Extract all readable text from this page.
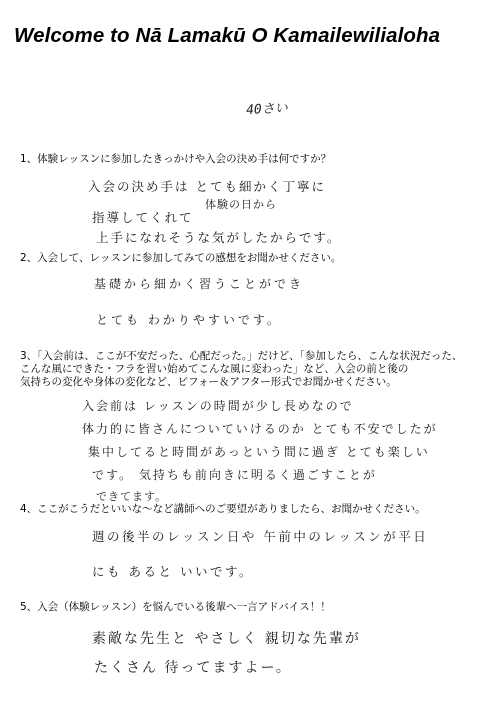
Welcome to Nā Lamakū O Kamailewilialoha
40さい
1、体験レッスンに参加したきっかけや入会の決め手は何ですか？
入会の決め手は とても細かく丁寧に
体験の日から
指導してくれて
上手になれそうな気がしたからです。
2、入会して、レッスンに参加してみての感想をお聞かせください。
基礎から細かく習うことができ
とても わかりやすいです。
3、「入会前は、ここが不安だった、心配だった。」だけど、「参加したら、こんな状況だった、
こんな風にできた・フラを習い始めてこんな風に変わった」など、入会の前と後の
気持ちの変化や身体の変化など、ビフォー＆アフター形式でお聞かせください。
入会前は レッスンの時間が少し長めなので
体力的に皆さんについていけるのか とても不安でしたが
集中してると時間があっという間に過ぎ とても楽しい
です。 気持ちも前向きに明るく過ごすことが
できてます。
4、ここがこうだといいな～など講師へのご要望がありましたら、お聞かせください。
週の後半のレッスン日や 午前中のレッスンが平日
にも あると いいです。
5、入会（体験レッスン）を悩んでいる後輩へ一言アドバイス！！
素敵な先生と やさしく 親切な先輩が
たくさん 待ってますよー。
